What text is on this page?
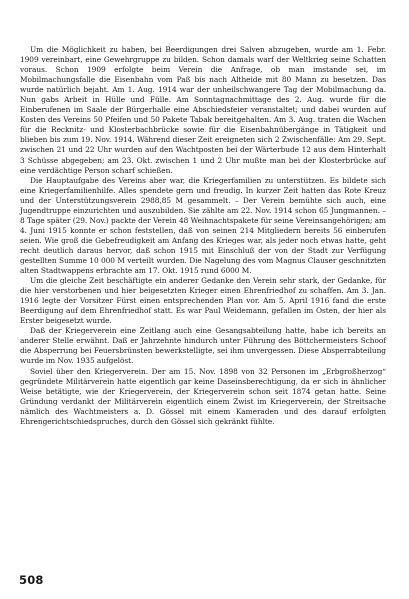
Um die Möglichkeit zu haben, bei Beerdigungen drei Salven abzugeben, wurde am 1. Febr. 1909 vereinbart, eine Gewehrgruppe zu bilden. Schon damals warf der Weltkrieg seine Schatten voraus. Schon 1909 erfolgte beim Verein die Anfrage, ob man imstande sei, im Mobilmachungsfalle die Eisenbahn vom Paß bis nach Altheide mit 80 Mann zu besetzen. Das wurde natürlich bejaht. Am 1. Aug. 1914 war der unheilschwangere Tag der Mobilmachung da. Nun gabs Arbeit in Hülle und Fülle. Am Sonntagnachmittage des 2. Aug. wurde für die Einberufenen im Saale der Bürgerhalle eine Abschiedsfeier veranstaltet; und dabei wurden auf Kosten des Vereins 50 Pfeifen und 50 Pakete Tabak bereitgehalten. Am 3. Aug. traten die Wachen für die Recknitz- und Klosterbachbrücke sowie für die Eisenbahnübergänge in Tätigkeit und blieben bis zum 19. Nov. 1914. Während dieser Zeit ereigneten sich 2 Zwischenfälle: Am 29. Sept. zwischen 21 und 22 Uhr wurden auf den Wachtposten bei der Wärterbude 12 aus dem Hinterhalt 3 Schüsse abgegeben; am 23. Okt. zwischen 1 und 2 Uhr mußte man bei der Klosterbrücke auf eine verdächtige Person scharf schießen.

Die Hauptaufgabe des Vereins aber war, die Kriegerfamilien zu unterstützen. Es bildete sich eine Kriegerfamilienhilfe. Alles spendete gern und freudig. In kurzer Zeit hatten das Rote Kreuz und der Unterstützungsverein 2988,85 M gesammelt. – Der Verein bemühte sich auch, eine Jugendtruppe einzurichten und auszubilden. Sie zählte am 22. Nov. 1914 schon 65 Jungmannen. – 8 Tage später (29. Nov.) packte der Verein 48 Weihnachtspakete für seine Vereinsangehörigen; am 4. Juni 1915 konnte er schon feststellen, daß von seinen 214 Mitgliedern bereits 56 einberufen seien. Wie groß die Gebefreudigkeit am Anfang des Krieges war, als jeder noch etwas hatte, geht recht deutlich daraus hervor, daß schon 1915 mit Einschluß der von der Stadt zur Verfügung gestellten Summe 10 000 M verteilt wurden. Die Nagelung des vom Magnus Clauser geschnitzten alten Stadtwappens erbrachte am 17. Okt. 1915 rund 6000 M.

Um die gleiche Zeit beschäftigte ein anderer Gedanke den Verein sehr stark, der Gedanke, für die hier verstorbenen und hier beigesetzten Krieger einen Ehrenfriedhof zu schaffen. Am 3. Jan. 1916 legte der Vorsitzer Fürst einen entsprechenden Plan vor. Am 5. April 1916 fand die erste Beerdigung auf dem Ehrenfriedhof statt. Es war Paul Weidemann, gefallen im Osten, der hier als Erster beigesetzt wurde.

Daß der Kriegerverein eine Zeitlang auch eine Gesangsabteilung hatte, habe ich bereits an anderer Stelle erwähnt. Daß er Jahrzehnte hindurch unter Führung des Böttchermeisters Schoof die Absperrung bei Feuersbrünsten bewerkstelligte, sei ihm unvergessen. Diese Absperrabteilung wurde im Nov. 1935 aufgelöst.

Soviel über den Kriegerverein. Der am 15. Nov. 1898 von 32 Personen im „Erbgroßherzog“ gegründete Militärverein hatte eigentlich gar keine Daseinsberechtigung, da er sich in ähnlicher Weise betätigte, wie der Kriegerverein, der Kriegerverein schon seit 1874 getan hatte. Seine Gründung verdankt der Militärverein eigentlich einem Zwist im Kriegerverein, der Streitsache nämlich des Wachtmeisters a. D. Gössel mit einem Kameraden und des darauf erfolgten Ehrengerichtschiedspruches, durch den Gössel sich gekränkt fühlte.

508
